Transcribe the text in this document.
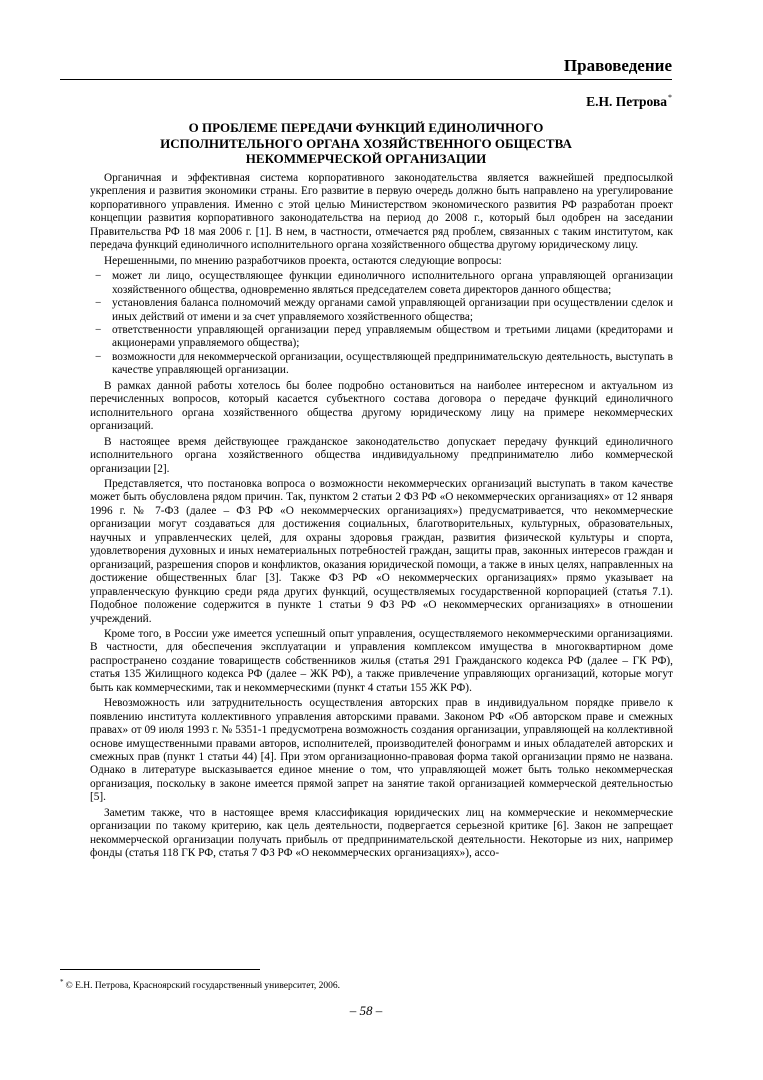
Правоведение
Е.Н. Петрова*
О ПРОБЛЕМЕ ПЕРЕДАЧИ ФУНКЦИЙ ЕДИНОЛИЧНОГО
ИСПОЛНИТЕЛЬНОГО ОРГАНА ХОЗЯЙСТВЕННОГО ОБЩЕСТВА
НЕКОММЕРЧЕСКОЙ ОРГАНИЗАЦИИ

Органичная и эффективная система корпоративного законодательства является важнейшей предпосылкой укрепления и развития экономики страны. Его развитие в первую очередь должно быть направлено на урегулирование корпоративного управления. Именно с этой целью Министерством экономического развития РФ разработан проект концепции развития корпоративного законодательства на период до 2008 г., который был одобрен на заседании Правительства РФ 18 мая 2006 г. [1]. В нем, в частности, отмечается ряд проблем, связанных с таким институтом, как передача функций единоличного исполнительного органа хозяйственного общества другому юридическому лицу.

Нерешенными, по мнению разработчиков проекта, остаются следующие вопросы:

− может ли лицо, осуществляющее функции единоличного исполнительного органа управляющей организации хозяйственного общества, одновременно являться председателем совета директоров данного общества;
− установления баланса полномочий между органами самой управляющей организации при осуществлении сделок и иных действий от имени и за счет управляемого хозяйственного общества;
− ответственности управляющей организации перед управляемым обществом и третьими лицами (кредиторами и акционерами управляемого общества);
− возможности для некоммерческой организации, осуществляющей предпринимательскую деятельность, выступать в качестве управляющей организации.

В рамках данной работы хотелось бы более подробно остановиться на наиболее интересном и актуальном из перечисленных вопросов, который касается субъектного состава договора о передаче функций единоличного исполнительного органа хозяйственного общества другому юридическому лицу на примере некоммерческих организаций.

В настоящее время действующее гражданское законодательство допускает передачу функций единоличного исполнительного органа хозяйственного общества индивидуальному предпринимателю либо коммерческой организации [2].

Представляется, что постановка вопроса о возможности некоммерческих организаций выступать в таком качестве может быть обусловлена рядом причин. Так, пунктом 2 статьи 2 ФЗ РФ «О некоммерческих организациях» от 12 января 1996 г. № 7-ФЗ (далее – ФЗ РФ «О некоммерческих организациях») предусматривается, что некоммерческие организации могут создаваться для достижения социальных, благотворительных, культурных, образовательных, научных и управленческих целей, для охраны здоровья граждан, развития физической культуры и спорта, удовлетворения духовных и иных нематериальных потребностей граждан, защиты прав, законных интересов граждан и организаций, разрешения споров и конфликтов, оказания юридической помощи, а также в иных целях, направленных на достижение общественных благ [3]. Также ФЗ РФ «О некоммерческих организациях» прямо указывает на управленческую функцию среди ряда других функций, осуществляемых государственной корпорацией (статья 7.1). Подобное положение содержится в пункте 1 статьи 9 ФЗ РФ «О некоммерческих организациях» в отношении учреждений.

Кроме того, в России уже имеется успешный опыт управления, осуществляемого некоммерческими организациями. В частности, для обеспечения эксплуатации и управления комплексом имущества в многоквартирном доме распространено создание товариществ собственников жилья (статья 291 Гражданского кодекса РФ (далее – ГК РФ), статья 135 Жилищного кодекса РФ (далее – ЖК РФ), а также привлечение управляющих организаций, которые могут быть как коммерческими, так и некоммерческими (пункт 4 статьи 155 ЖК РФ).

Невозможность или затруднительность осуществления авторских прав в индивидуальном порядке привело к появлению института коллективного управления авторскими правами. Законом РФ «Об авторском праве и смежных правах» от 09 июля 1993 г. № 5351-1 предусмотрена возможность создания организации, управляющей на коллективной основе имущественными правами авторов, исполнителей, производителей фонограмм и иных обладателей авторских и смежных прав (пункт 1 статьи 44) [4]. При этом организационно-правовая форма такой организации прямо не названа. Однако в литературе высказывается единое мнение о том, что управляющей может быть только некоммерческая организация, поскольку в законе имеется прямой запрет на занятие такой организацией коммерческой деятельностью [5].

Заметим также, что в настоящее время классификация юридических лиц на коммерческие и некоммерческие организации по такому критерию, как цель деятельности, подвергается серьезной критике [6]. Закон не запрещает некоммерческой организации получать прибыль от предпринимательской деятельности. Некоторые из них, например фонды (статья 118 ГК РФ, статья 7 ФЗ РФ «О некоммерческих организациях»), ассо-

* © Е.Н. Петрова, Красноярский государственный университет, 2006.
– 58 –
